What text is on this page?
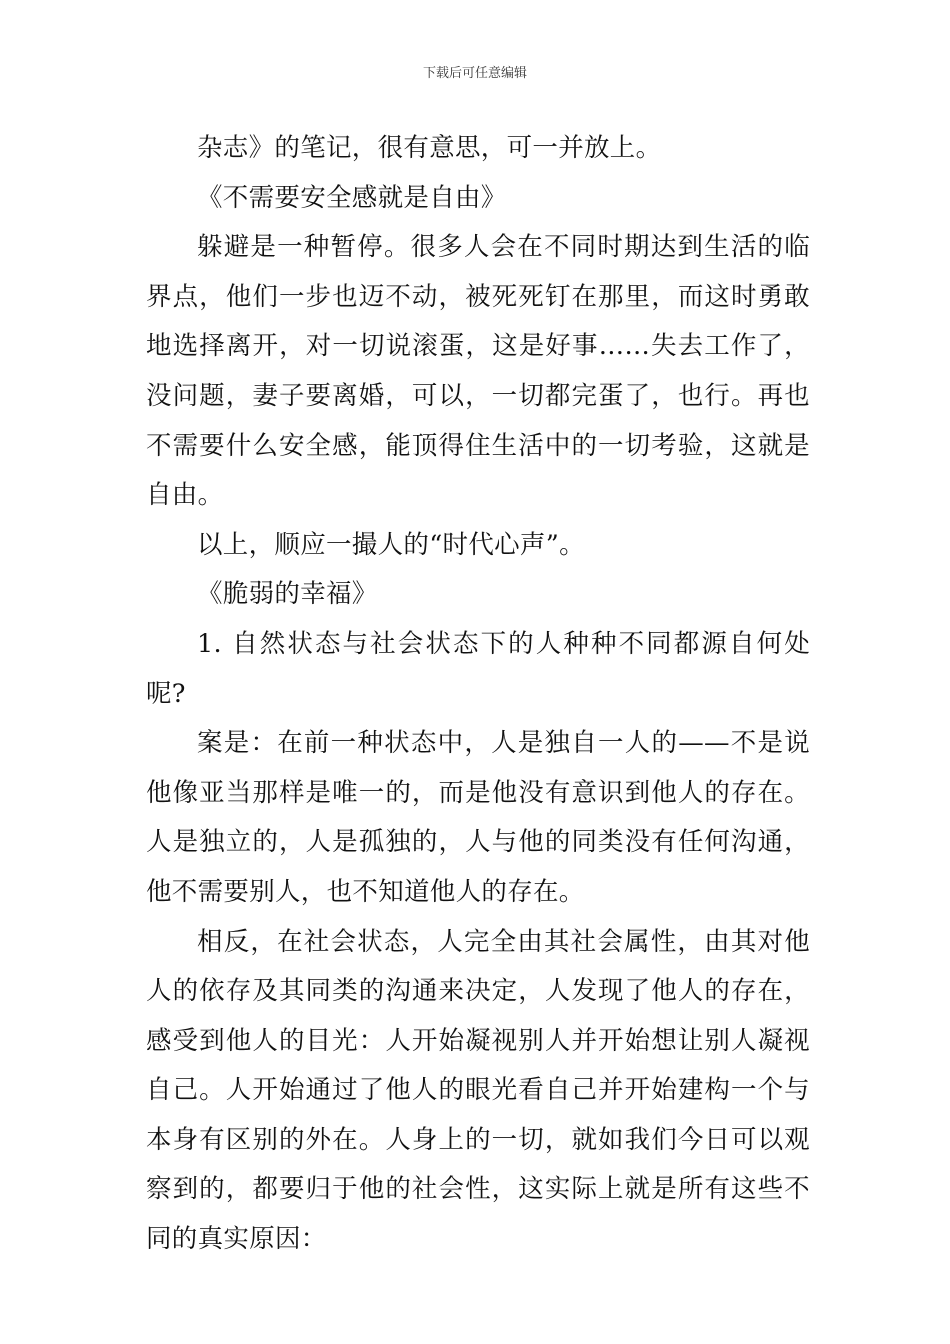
下载后可任意编辑

杂志》的笔记，很有意思，可一并放上。

《不需要安全感就是自由》

躲避是一种暂停。很多人会在不同时期达到生活的临界点，他们一步也迈不动，被死死钉在那里，而这时勇敢地选择离开，对一切说滚蛋，这是好事……失去工作了，没问题，妻子要离婚，可以，一切都完蛋了，也行。再也不需要什么安全感，能顶得住生活中的一切考验，这就是自由。

以上，顺应一撮人的“时代心声”。

《脆弱的幸福》

1. 自然状态与社会状态下的人种种不同都源自何处呢?

案是：在前一种状态中，人是独自一人的——不是说他像亚当那样是唯一的，而是他没有意识到他人的存在。人是独立的，人是孤独的，人与他的同类没有任何沟通，他不需要别人，也不知道他人的存在。

相反，在社会状态，人完全由其社会属性，由其对他人的依存及其同类的沟通来决定，人发现了他人的存在，感受到他人的目光：人开始凝视别人并开始想让别人凝视自己。人开始通过了他人的眼光看自己并开始建构一个与本身有区别的外在。人身上的一切，就如我们今日可以观察到的，都要归于他的社会性，这实际上就是所有这些不同的真实原因：
